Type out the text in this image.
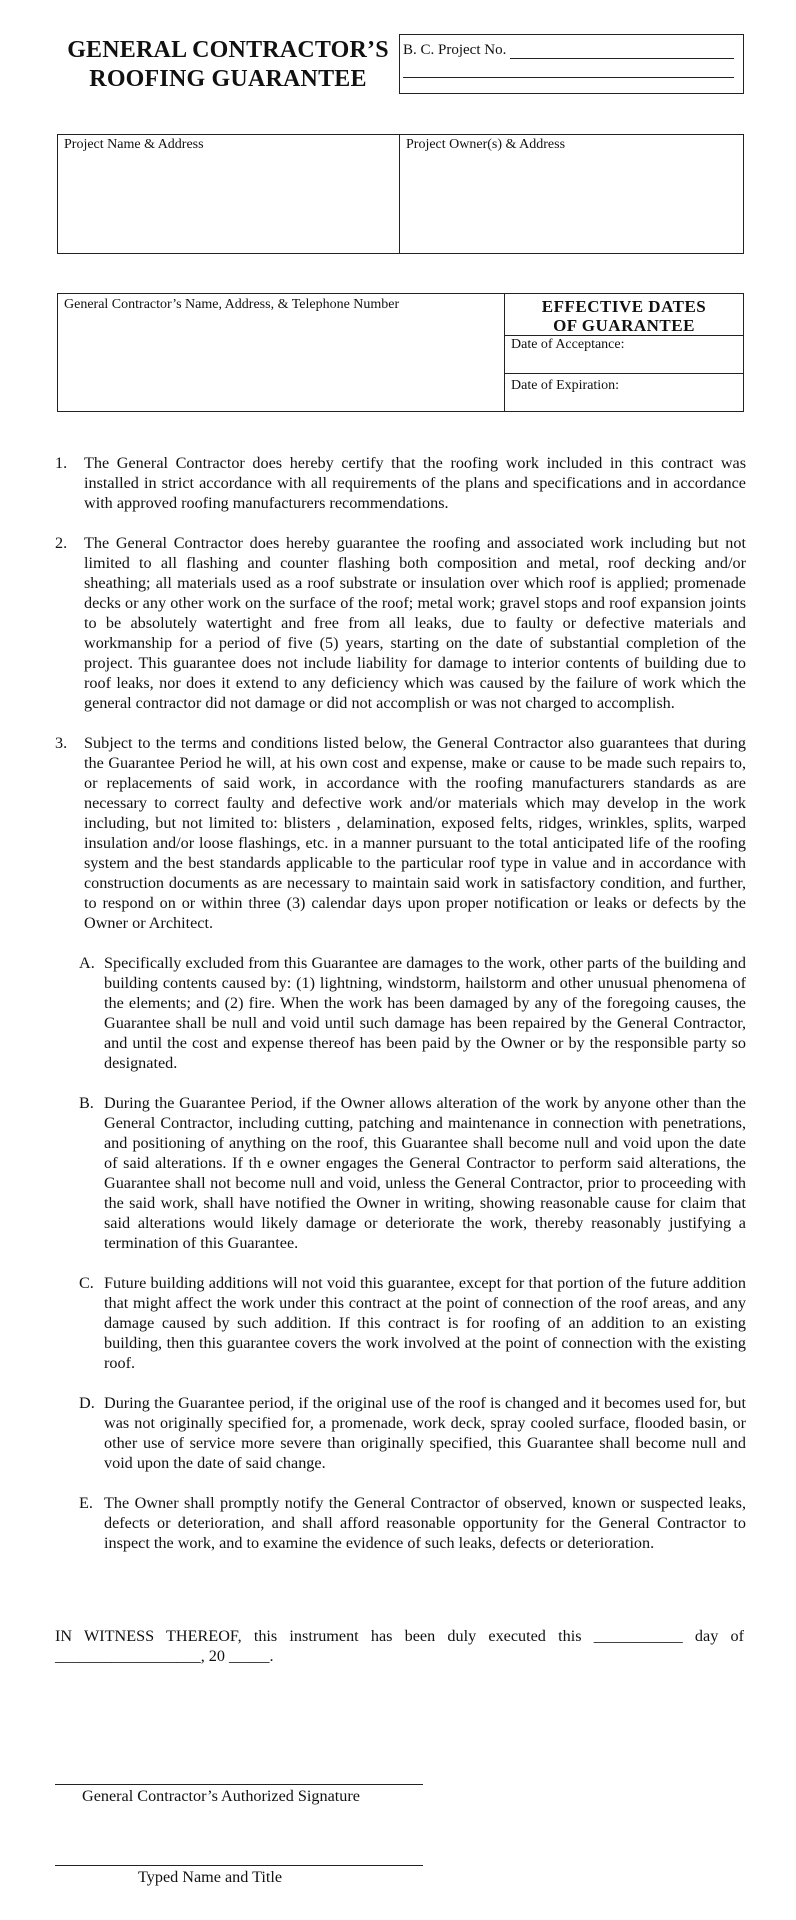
GENERAL CONTRACTOR’S
ROOFING GUARANTEE
B. C. Project No.
Project Name & Address	Project Owner(s) & Address
General Contractor’s Name, Address, & Telephone Number	EFFECTIVE DATES
OF GUARANTEE
Date of Acceptance:
Date of Expiration:
1.	The General Contractor does hereby certify that the roofing work included in this contract was installed in strict accordance with all requirements of the plans and specifications and in accordance with approved roofing manufacturers recommendations.
2.	The General Contractor does hereby guarantee the roofing and associated work including but not limited to all flashing and counter flashing both composition and metal, roof decking and/or sheathing; all materials used as a roof substrate or insulation over which roof is applied; promenade decks or any other work on the surface of the roof; metal work; gravel stops and roof expansion joints to be absolutely watertight and free from all leaks, due to faulty or defective materials and workmanship for a period of five (5) years, starting on the date of substantial completion of the project. This guarantee does not include liability for damage to interior contents of building due to roof leaks, nor does it extend to any deficiency which was caused by the failure of work which the general contractor did not damage or did not accomplish or was not charged to accomplish.
3.	Subject to the terms and conditions listed below, the General Contractor also guarantees that during the Guarantee Period he will, at his own cost and expense, make or cause to be made such repairs to, or replacements of said work, in accordance with the roofing manufacturers standards as are necessary to correct faulty and defective work and/or materials which may develop in the work including, but not limited to: blisters , delamination, exposed felts, ridges, wrinkles, splits, warped insulation and/or loose flashings, etc. in a manner pursuant to the total anticipated life of the roofing system and the best standards applicable to the particular roof type in value and in accordance with construction documents as are necessary to maintain said work in satisfactory condition, and further, to respond on or within three (3) calendar days upon proper notification or leaks or defects by the Owner or Architect.
A. Specifically excluded from this Guarantee are damages to the work, other parts of the building and building contents caused by: (1) lightning, windstorm, hailstorm and other unusual phenomena of the elements; and (2) fire. When the work has been damaged by any of the foregoing causes, the Guarantee shall be null and void until such damage has been repaired by the General Contractor, and until the cost and expense thereof has been paid by the Owner or by the responsible party so designated.
B. During the Guarantee Period, if the Owner allows alteration of the work by anyone other than the General Contractor, including cutting, patching and maintenance in connection with penetrations, and positioning of anything on the roof, this Guarantee shall become null and void upon the date of said alterations. If th e owner engages the General Contractor to perform said alterations, the Guarantee shall not become null and void, unless the General Contractor, prior to proceeding with the said work, shall have notified the Owner in writing, showing reasonable cause for claim that said alterations would likely damage or deteriorate the work, thereby reasonably justifying a termination of this Guarantee.
C. Future building additions will not void this guarantee, except for that portion of the future addition that might affect the work under this contract at the point of connection of the roof areas, and any damage caused by such addition. If this contract is for roofing of an addition to an existing building, then this guarantee covers the work involved at the point of connection with the existing roof.
D. During the Guarantee period, if the original use of the roof is changed and it becomes used for, but was not originally specified for, a promenade, work deck, spray cooled surface, flooded basin, or other use of service more severe than originally specified, this Guarantee shall become null and void upon the date of said change.
E. The Owner shall promptly notify the General Contractor of observed, known or suspected leaks, defects or deterioration, and shall afford reasonable opportunity for the General Contractor to inspect the work, and to examine the evidence of such leaks, defects or deterioration.
IN WITNESS THEREOF, this instrument has been duly executed this ___________ day of
__________________, 20 _____.
General Contractor’s Authorized Signature
Typed Name and Title
